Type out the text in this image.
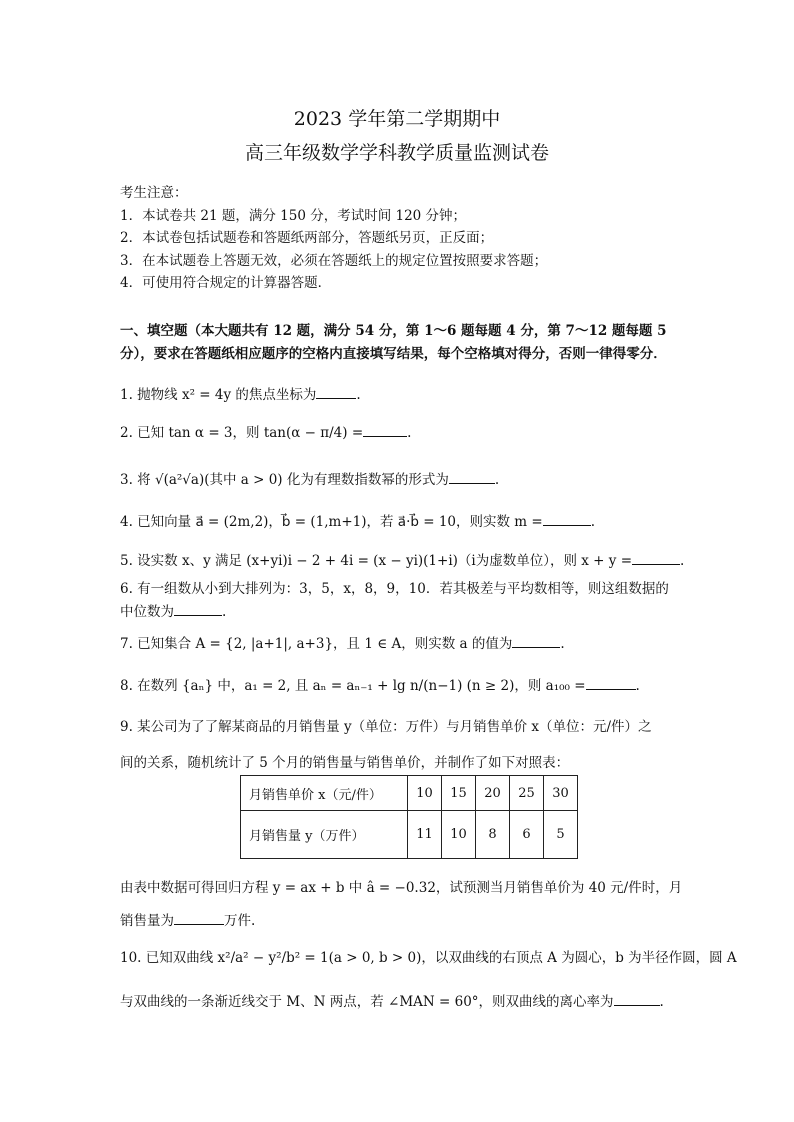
2023 学年第二学期期中
高三年级数学学科教学质量监测试卷
考生注意：
1．本试卷共 21 题，满分 150 分，考试时间 120 分钟；
2．本试卷包括试题卷和答题纸两部分，答题纸另页，正反面；
3．在本试题卷上答题无效，必须在答题纸上的规定位置按照要求答题；
4．可使用符合规定的计算器答题．
一、填空题（本大题共有 12 题，满分 54 分，第 1～6 题每题 4 分，第 7～12 题每题 5 分），要求在答题纸相应题序的空格内直接填写结果，每个空格填对得分，否则一律得零分．
1. 抛物线 x² = 4y 的焦点坐标为	.
2. 已知 tan α = 3，则 tan(α − π/4) =	.
3. 将 √(a²√a)(其中 a > 0) 化为有理数指数幂的形式为	.
4. 已知向量 a⃗ = (2m,2)，b⃗ = (1,m+1)，若 a⃗·b⃗ = 10，则实数 m =	.
5. 设实数 x、y 满足 (x+yi)i − 2 + 4i = (x − yi)(1+i)（i为虚数单位），则 x + y =	.
6. 有一组数从小到大排列为：3，5，x，8，9，10．若其极差与平均数相等，则这组数据的中位数为	.
7. 已知集合 A = {2, |a+1|, a+3}，且 1 ∈ A，则实数 a 的值为	.
8. 在数列 {aₙ} 中，a₁ = 2, 且 aₙ = aₙ₋₁ + lg n/(n−1) (n ≥ 2)，则 a₁₀₀ =	.
9. 某公司为了了解某商品的月销售量 y（单位：万件）与月销售单价 x（单位：元/件）之
间的关系，随机统计了 5 个月的销售量与销售单价，并制作了如下对照表：
月销售单价 x（元/件）	10	15	20	25	30
月销售量 y（万件）	11	10	8	6	5
由表中数据可得回归方程 y = ax + b 中 â = −0.32，试预测当月销售单价为 40 元/件时，月
销售量为	万件.
10. 已知双曲线 x²/a² − y²/b² = 1(a > 0, b > 0)，以双曲线的右顶点 A 为圆心，b 为半径作圆，圆 A
与双曲线的一条渐近线交于 M、N 两点，若 ∠MAN = 60°，则双曲线的离心率为	.
